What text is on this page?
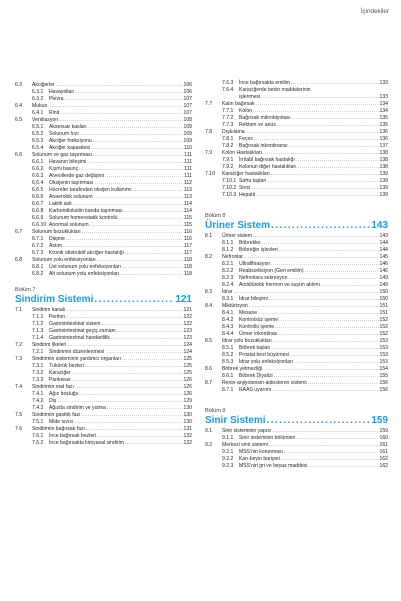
İçindekiler
6.3	Akciğerler .....	106
6.3.1	Havayolları .....	106
6.3.2	Plevra .....	107
6.4	Mukus .....	107
6.4.1	Rinit .....	107
6.5	Ventilasyon .....	108
6.5.1	Aksesuar kasları .....	109
6.5.2	Solunum hızı .....	109
6.5.3	Akciğer fonksiyonu .....	109
6.5.4	Akciğer kapasitesi .....	110
6.6	Solunum ve gaz taşınması .....	111
6.6.1	Havanın bileşimi .....	111
6.6.2	Kısmi basınç .....	111
6.6.3	Alveollerde gaz değişimi .....	111
6.6.4	Oksijenin taşınması .....	112
6.6.5	Hücreler tarafından oksijen kullanımı .....	113
6.6.6	Anaerobik solunum .....	113
6.6.7	Laktik asit .....	114
6.6.8	Karbondioksitin kanda taşınması .....	114
6.6.9	Solunum homeostatik kontrolü .....	115
6.6.10 Anormal solunum .....	115
6.7	Solunum bozuklukları .....	116
6.7.1	Dispne .....	116
6.7.2	Astım .....	117
6.7.3	Kronik obstrüktif akciğer hastalığı .....	117
6.8	Solunum yolu enfeksiyonları .....	118
6.8.1	Üst solunum yolu enfeksiyonları .....	118
6.8.2	Alt solunum yolu enfeksiyonları .....	118
Bölüm 7
Sindirim Sistemi .....	121
7.1	Sindirim kanalı .....	121
7.1.1	Periton .....	122
7.1.2	Gastrointestinal sistem .....	122
7.1.3	Gastrointestinal geçiş zamanı .....	123
7.1.4	Gastrointestinal hareketlilik .....	123
7.2	Sindirim ilkeleri .....	124
7.2.1	Sindirimin düzenlenmesi .....	124
7.3	Sindirimin sisteminin yardımcı organları .....	125
7.3.1	Tükürük bezleri .....	125
7.3.2	Karaciğer .....	125
7.3.3	Pankreas .....	126
7.4	Sindirimin oral fazı .....	126
7.4.1	Ağız boşluğu .....	126
7.4.2	Diş .....	129
7.4.3	Ağızda sindirim ve yutma .....	130
7.5	Sindirimin gastrik fazı .....	130
7.5.1	Mide sıvısı .....	130
7.6	Sindirimin bağırsak fazı .....	131
7.6.1	İnce bağırsak bezleri .....	132
7.6.2	İnce bağırsakta kimyasal sindirim .....	132
7.6.3	İnce bağırsakta emilim .....	133
7.6.4	Karaciğerde besin maddelerinin
işlenmesi .....	133
7.7	Kalın bağırsak .....	134
7.7.1	Kolon .....	134
7.7.2	Bağırsak mikrobiyotası .....	135
7.7.3	Rektum ve anüs .....	135
7.8	Dışkılama .....	136
7.8.1	Feçes .....	136
7.8.2	Bağırsak inkontinansı .....	137
7.9	Kolon Hastalıkları .....	138
7.9.1	İrritabl bağırsak hastalığı .....	138
7.9.2	Kolonun diğer hastalıkları .....	138
7.10	Karaciğer hastalıkları .....	139
7.10.1 Safra taşları .....	139
7.10.2 Siroz .....	139
7.10.3 Hepatit .....	139
Bölüm 8
Üriner Sistem .....	143
8.1	Üriner sistem .....	143
8.1.1	Böbrekler .....	144
8.1.2	Böbreğin işlevleri .....	144
8.2	Nefronlar .....	145
8.2.1	Ultrafiltrasyon .....	146
8.2.2	Reabsorbsiyon (Geri emilim) .....	146
8.2.3	Nefronlara sekresyon .....	149
8.2.4	Antidiüretik hormon ve suyun atılımı .....	149
8.3	İdrar .....	150
8.3.1	İdrar bileşimi .....	150
8.4	Miktürisyon .....	151
8.4.1	Mesane .....	151
8.4.2	Kontrolsüz işeme .....	152
8.4.3	Kontrollü işeme .....	152
8.4.4	Üriner inkontinas .....	152
8.5	İdrar yolu bozuklukları .....	153
8.5.1	Böbrek taşları .....	153
8.5.2	Prostat bezi büyümesi .....	153
8.5.3	İdrar yolu enfeksiyonları .....	153
8.6	Böbrek yetmezliği .....	154
8.6.1	Böbrek Diyalizi .....	155
8.7	Renin-anjiyotensin-aldosteron sistemi .....	156
8.7.1	RAAS uyarımı .....	156
Bölüm 9
Sinir Sistemi .....	159
9.1	Sinir sisteminin yapısı .....	159
9.1.1	Sinir sisteminin bölümleri .....	160
9.2	Merkezi sinir sistemi .....	161
9.2.1	MSS'nin korunması .....	161
9.2.2	Kan-beyin bariyeri .....	162
9.2.3	MSS'nin gri ve beyaz maddesi .....	162
